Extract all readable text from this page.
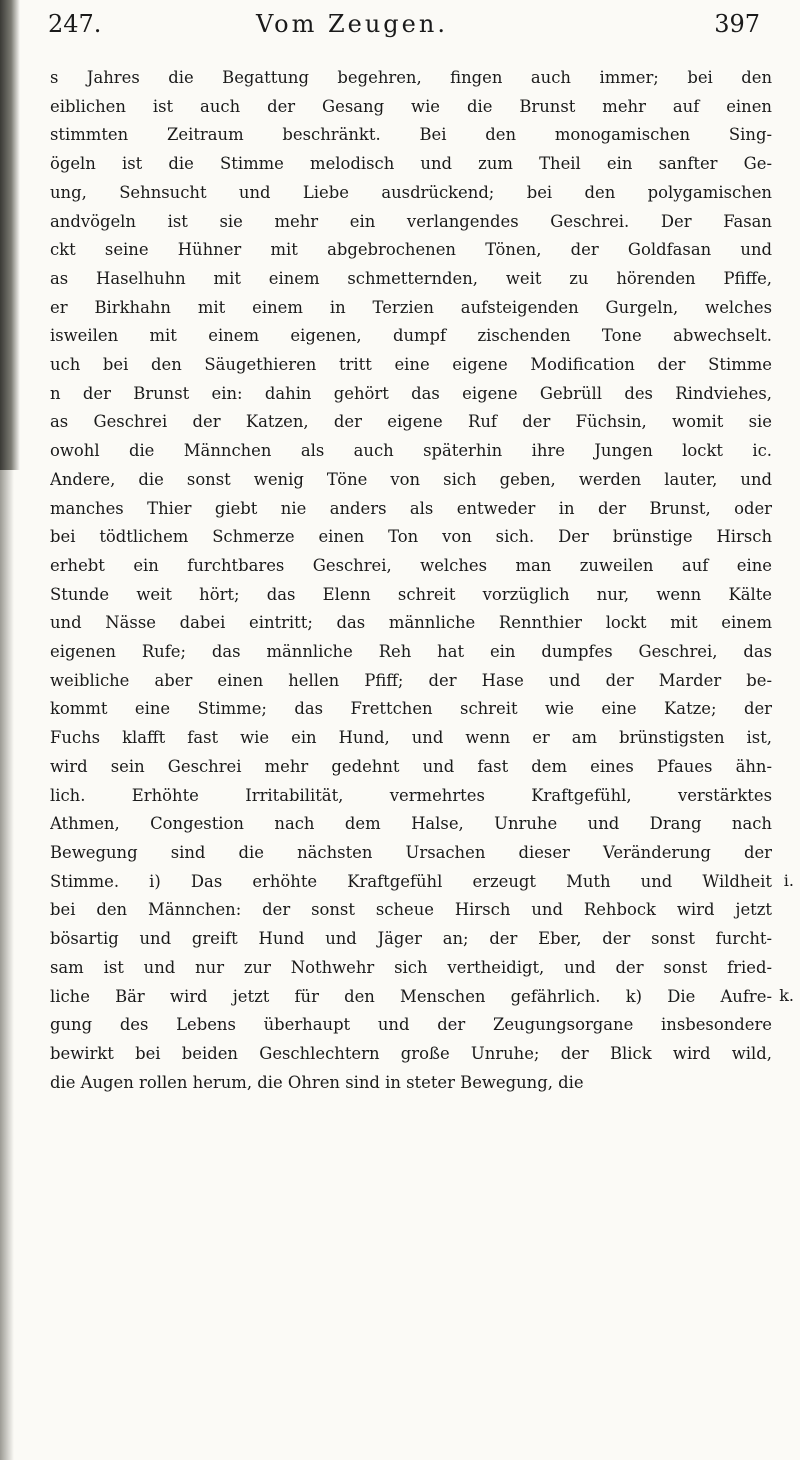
247.	Vom Zeugen.	397
s Jahres die Begattung begehren, fingen auch immer; bei den
eiblichen ist auch der Gesang wie die Brunst mehr auf einen
stimmten Zeitraum beschränkt. Bei den monogamischen Sing-
ögeln ist die Stimme melodisch und zum Theil ein sanfter Ge-
ung, Sehnsucht und Liebe ausdrückend; bei den polygamischen
andvögeln ist sie mehr ein verlangendes Geschrei. Der Fasan
ckt seine Hühner mit abgebrochenen Tönen, der Goldfasan und
as Haselhuhn mit einem schmetternden, weit zu hörenden Pfiffe,
er Birkhahn mit einem in Terzien aufsteigenden Gurgeln, welches
isweilen mit einem eigenen, dumpf zischenden Tone abwechselt.
uch bei den Säugethieren tritt eine eigene Modification der Stimme
n der Brunst ein: dahin gehört das eigene Gebrüll des Rindviehes,
as Geschrei der Katzen, der eigene Ruf der Füchsin, womit sie
owohl die Männchen als auch späterhin ihre Jungen lockt ic.
Andere, die sonst wenig Töne von sich geben, werden lauter, und
manches Thier giebt nie anders als entweder in der Brunst, oder
bei tödtlichem Schmerze einen Ton von sich. Der brünstige Hirsch
erhebt ein furchtbares Geschrei, welches man zuweilen auf eine
Stunde weit hört; das Elenn schreit vorzüglich nur, wenn Kälte
und Nässe dabei eintritt; das männliche Rennthier lockt mit einem
eigenen Rufe; das männliche Reh hat ein dumpfes Geschrei, das
weibliche aber einen hellen Pfiff; der Hase und der Marder be-
kommt eine Stimme; das Frettchen schreit wie eine Katze; der
Fuchs klafft fast wie ein Hund, und wenn er am brünstigsten ist,
wird sein Geschrei mehr gedehnt und fast dem eines Pfaues ähn-
lich. Erhöhte Irritabilität, vermehrtes Kraftgefühl, verstärktes
Athmen, Congestion nach dem Halse, Unruhe und Drang nach
Bewegung sind die nächsten Ursachen dieser Veränderung der
Stimme. i) Das erhöhte Kraftgefühl erzeugt Muth und Wildheit
bei den Männchen: der sonst scheue Hirsch und Rehbock wird jetzt
bösartig und greift Hund und Jäger an; der Eber, der sonst furcht-
sam ist und nur zur Nothwehr sich vertheidigt, und der sonst fried-
liche Bär wird jetzt für den Menschen gefährlich. k) Die Aufre-
gung des Lebens überhaupt und der Zeugungsorgane insbesondere
bewirkt bei beiden Geschlechtern große Unruhe; der Blick wird wild,
die Augen rollen herum, die Ohren sind in steter Bewegung, die
i.
k.
